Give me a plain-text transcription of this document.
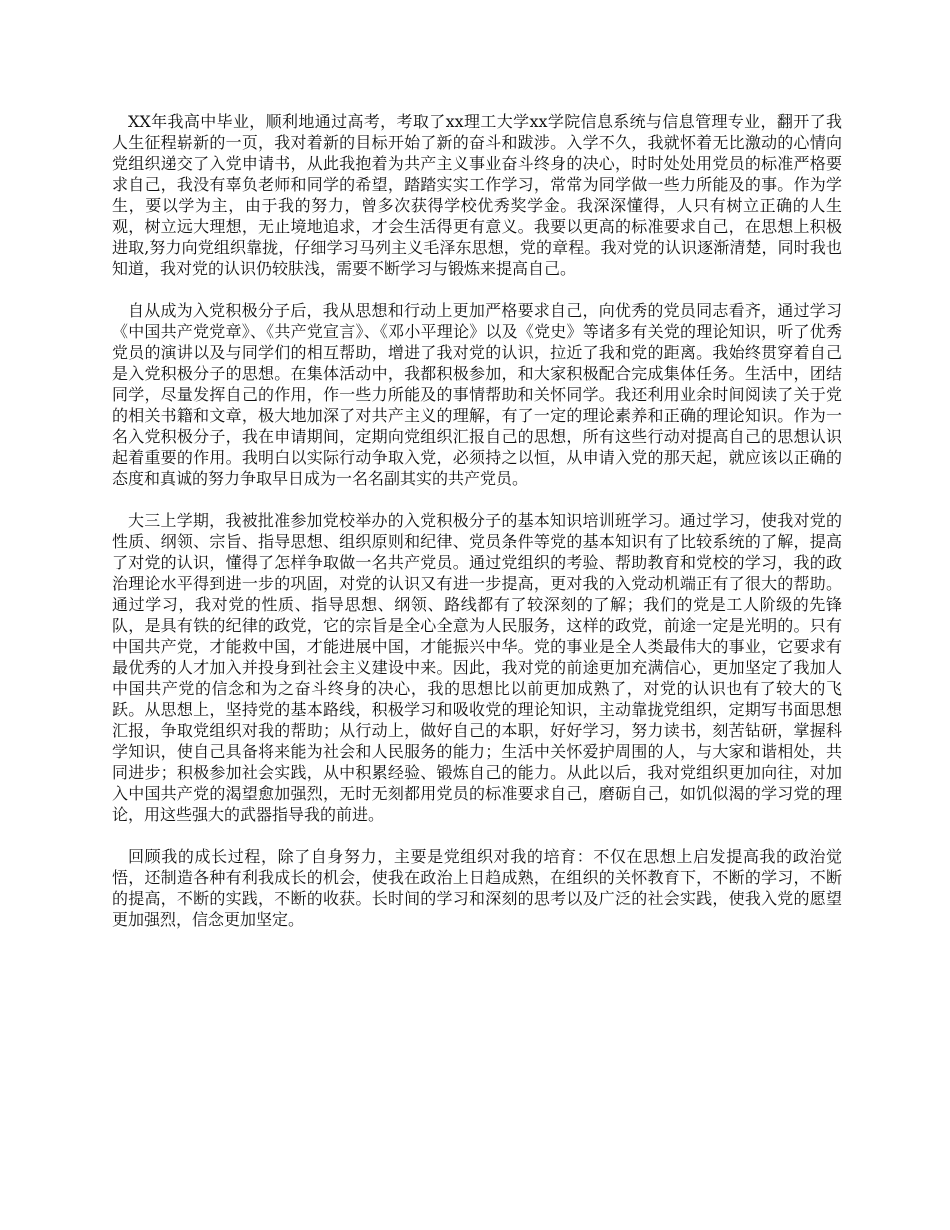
XX年我高中毕业，顺利地通过高考，考取了xx理工大学xx学院信息系统与信息管理专业，翻开了我人生征程崭新的一页，我对着新的目标开始了新的奋斗和跋涉。入学不久，我就怀着无比激动的心情向党组织递交了入党申请书，从此我抱着为共产主义事业奋斗终身的决心，时时处处用党员的标准严格要求自己，我没有辜负老师和同学的希望，踏踏实实工作学习，常常为同学做一些力所能及的事。作为学生，要以学为主，由于我的努力，曾多次获得学校优秀奖学金。我深深懂得，人只有树立正确的人生观，树立远大理想，无止境地追求，才会生活得更有意义。我要以更高的标准要求自己，在思想上积极进取,努力向党组织靠拢，仔细学习马列主义毛泽东思想，党的章程。我对党的认识逐渐清楚，同时我也知道，我对党的认识仍较肤浅，需要不断学习与锻炼来提高自己。

自从成为入党积极分子后，我从思想和行动上更加严格要求自己，向优秀的党员同志看齐，通过学习《中国共产党党章》、《共产党宣言》、《邓小平理论》以及《党史》等诸多有关党的理论知识，听了优秀党员的演讲以及与同学们的相互帮助，增进了我对党的认识，拉近了我和党的距离。我始终贯穿着自己是入党积极分子的思想。在集体活动中，我都积极参加，和大家积极配合完成集体任务。生活中，团结同学，尽量发挥自己的作用，作一些力所能及的事情帮助和关怀同学。我还利用业余时间阅读了关于党的相关书籍和文章，极大地加深了对共产主义的理解，有了一定的理论素养和正确的理论知识。作为一名入党积极分子，我在申请期间，定期向党组织汇报自己的思想，所有这些行动对提高自己的思想认识起着重要的作用。我明白以实际行动争取入党，必须持之以恒，从申请入党的那天起，就应该以正确的态度和真诚的努力争取早日成为一名名副其实的共产党员。

大三上学期，我被批准参加党校举办的入党积极分子的基本知识培训班学习。通过学习，使我对党的性质、纲领、宗旨、指导思想、组织原则和纪律、党员条件等党的基本知识有了比较系统的了解，提高了对党的认识，懂得了怎样争取做一名共产党员。通过党组织的考验、帮助教育和党校的学习，我的政治理论水平得到进一步的巩固，对党的认识又有进一步提高，更对我的入党动机端正有了很大的帮助。通过学习，我对党的性质、指导思想、纲领、路线都有了较深刻的了解；我们的党是工人阶级的先锋队，是具有铁的纪律的政党，它的宗旨是全心全意为人民服务，这样的政党，前途一定是光明的。只有中国共产党，才能救中国，才能进展中国，才能振兴中华。党的事业是全人类最伟大的事业，它要求有最优秀的人才加入并投身到社会主义建设中来。因此，我对党的前途更加充满信心，更加坚定了我加人中国共产党的信念和为之奋斗终身的决心，我的思想比以前更加成熟了，对党的认识也有了较大的飞跃。从思想上，坚持党的基本路线，积极学习和吸收党的理论知识，主动靠拢党组织，定期写书面思想汇报，争取党组织对我的帮助；从行动上，做好自己的本职，好好学习，努力读书，刻苦钻研，掌握科学知识，使自己具备将来能为社会和人民服务的能力；生活中关怀爱护周围的人，与大家和谐相处，共同进步；积极参加社会实践，从中积累经验、锻炼自己的能力。从此以后，我对党组织更加向往，对加入中国共产党的渴望愈加强烈，无时无刻都用党员的标准要求自己，磨砺自己，如饥似渴的学习党的理论，用这些强大的武器指导我的前进。

回顾我的成长过程，除了自身努力，主要是党组织对我的培育：不仅在思想上启发提高我的政治觉悟，还制造各种有利我成长的机会，使我在政治上日趋成熟，在组织的关怀教育下，不断的学习，不断的提高，不断的实践，不断的收获。长时间的学习和深刻的思考以及广泛的社会实践，使我入党的愿望更加强烈，信念更加坚定。
